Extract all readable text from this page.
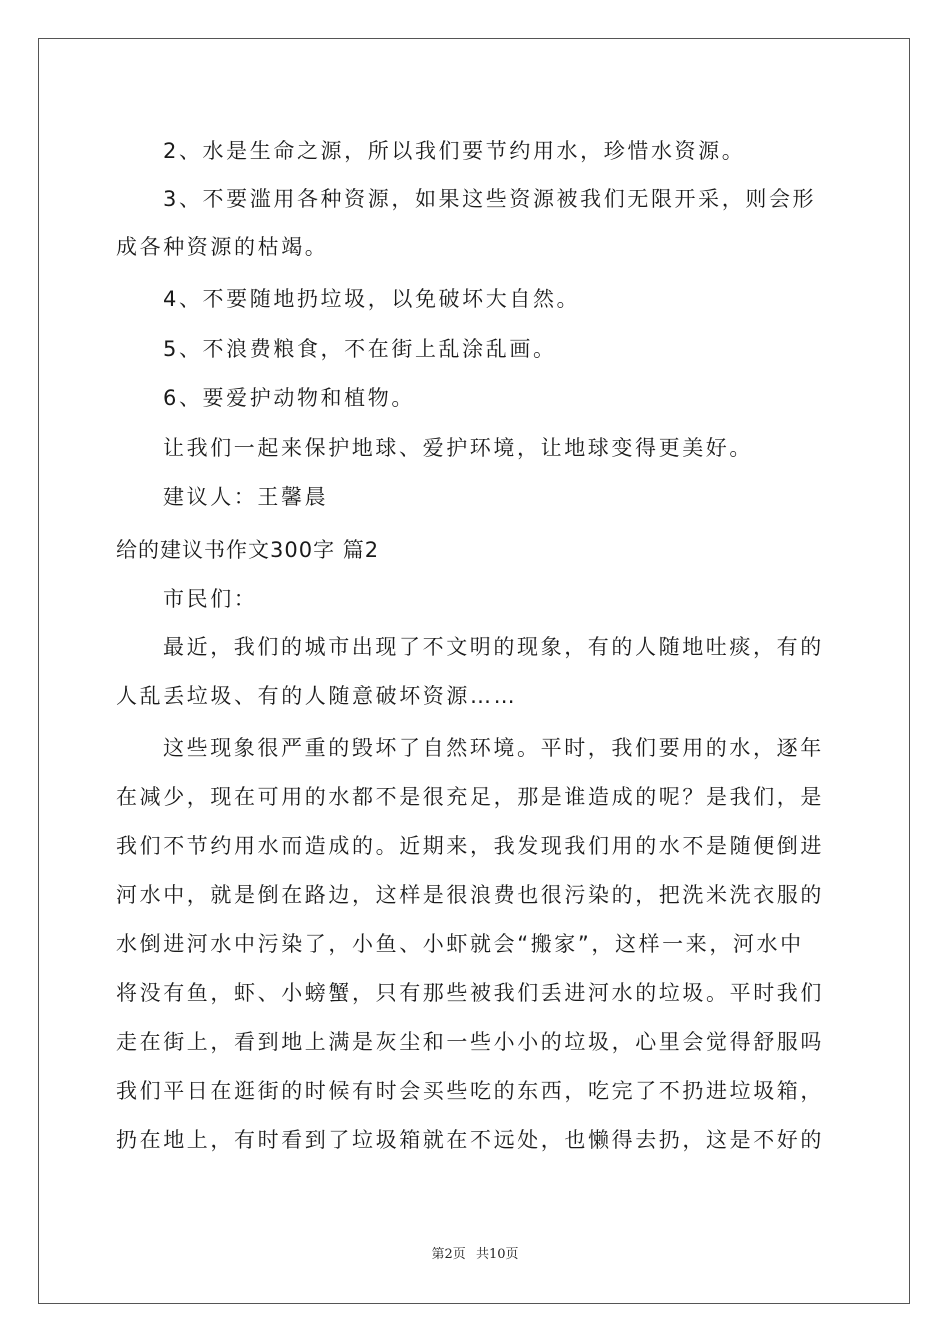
2、水是生命之源，所以我们要节约用水，珍惜水资源。
3、不要滥用各种资源，如果这些资源被我们无限开采，则会形
成各种资源的枯竭。
4、不要随地扔垃圾，以免破坏大自然。
5、不浪费粮食，不在街上乱涂乱画。
6、要爱护动物和植物。
让我们一起来保护地球、爱护环境，让地球变得更美好。
建议人：王馨晨
给的建议书作文300字 篇2
市民们：
最近，我们的城市出现了不文明的现象，有的人随地吐痰，有的
人乱丢垃圾、有的人随意破坏资源……
这些现象很严重的毁坏了自然环境。平时，我们要用的水，逐年
在减少，现在可用的水都不是很充足，那是谁造成的呢？是我们，是
我们不节约用水而造成的。近期来，我发现我们用的水不是随便倒进
河水中，就是倒在路边，这样是很浪费也很污染的，把洗米洗衣服的
水倒进河水中污染了，小鱼、小虾就会“搬家”，这样一来，河水中
将没有鱼，虾、小螃蟹，只有那些被我们丢进河水的垃圾。平时我们
走在街上，看到地上满是灰尘和一些小小的垃圾，心里会觉得舒服吗
我们平日在逛街的时候有时会买些吃的东西，吃完了不扔进垃圾箱，
扔在地上，有时看到了垃圾箱就在不远处，也懒得去扔，这是不好的
第2页 共10页
